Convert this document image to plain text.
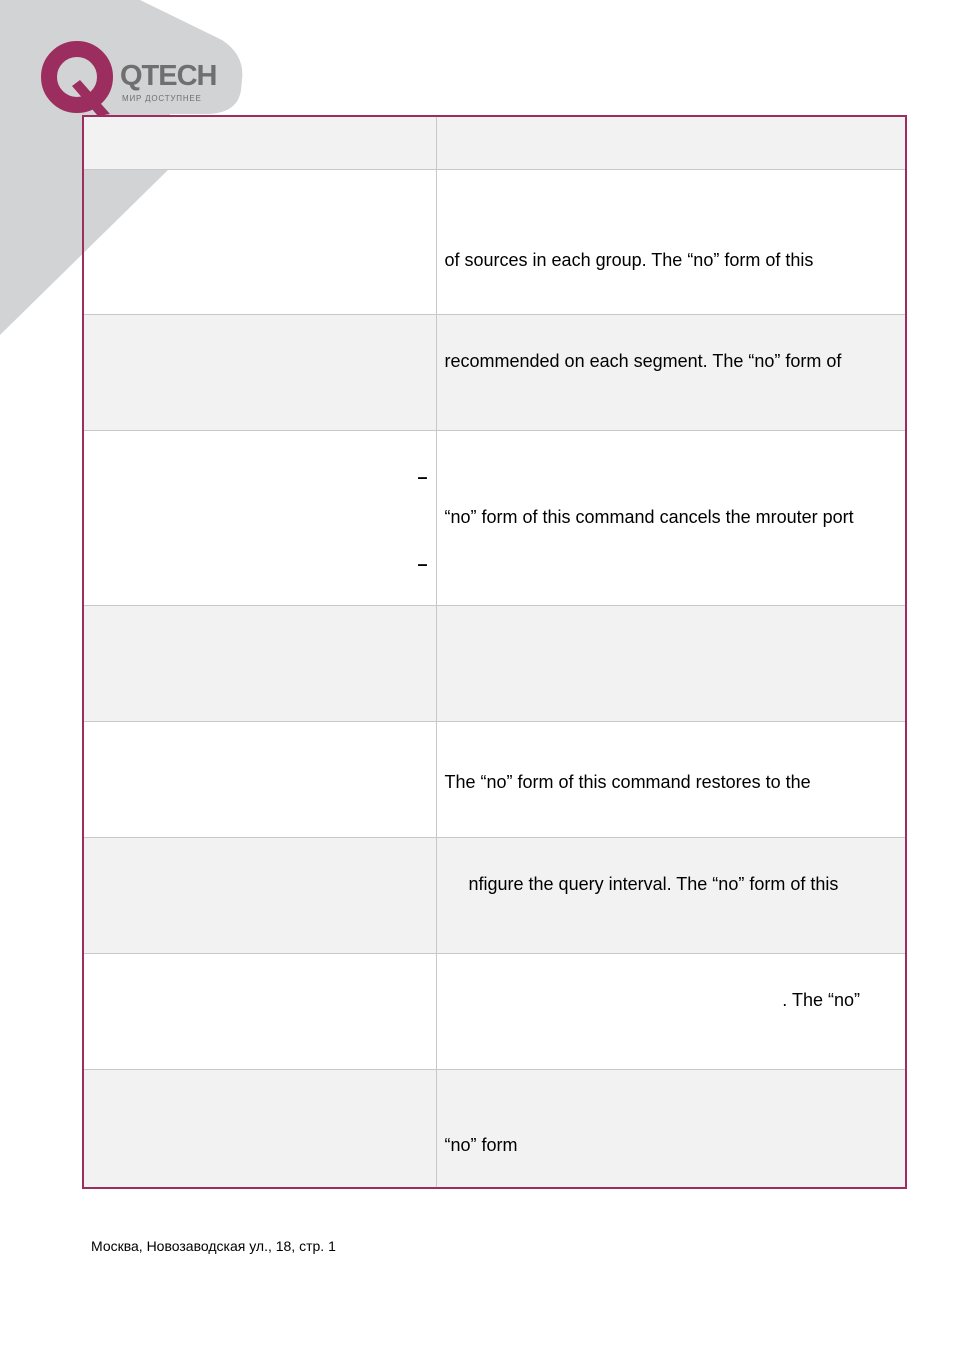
QTECH
МИР ДОСТУПНЕЕ

	of sources in each group. The “no” form of this
	recommended on each segment. The “no” form of

–
–	“no” form of this command cancels the mrouter port

	The “no” form of this command restores to the
	nfigure the query interval. The “no” form of this
	. The “no”
	“no” form
Москва, Новозаводская ул., 18, стр. 1
